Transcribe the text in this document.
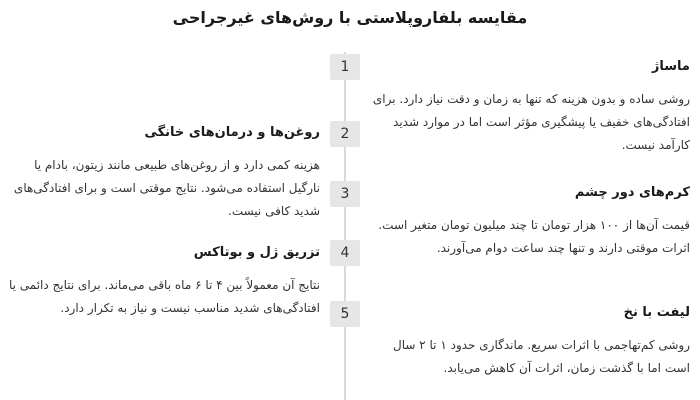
مقایسه بلفاروپلاستی با روش‌های غیرجراحی
1	ماساژ
روشی ساده و بدون هزینه که تنها به زمان و دقت نیاز دارد. برای افتادگی‌های خفیف یا پیشگیری مؤثر است اما در موارد شدید کارآمد نیست.
2
روغن‌ها و درمان‌های خانگی
هزینه کمی دارد و از روغن‌های طبیعی مانند زیتون، بادام یا نارگیل استفاده می‌شود. نتایج موقتی است و برای افتادگی‌های شدید کافی نیست.
3	کرم‌های دور چشم
قیمت آن‌ها از ۱۰۰ هزار تومان تا چند میلیون تومان متغیر است. اثرات موقتی دارند و تنها چند ساعت دوام می‌آورند.
4
تزریق ژل و بوتاکس
نتایج آن معمولاً بین ۴ تا ۶ ماه باقی می‌ماند. برای نتایج دائمی یا افتادگی‌های شدید مناسب نیست و نیاز به تکرار دارد.	5	لیفت با نخ
روشی کم‌تهاجمی با اثرات سریع. ماندگاری حدود ۱ تا ۲ سال است اما با گذشت زمان، اثرات آن کاهش می‌یابد.
